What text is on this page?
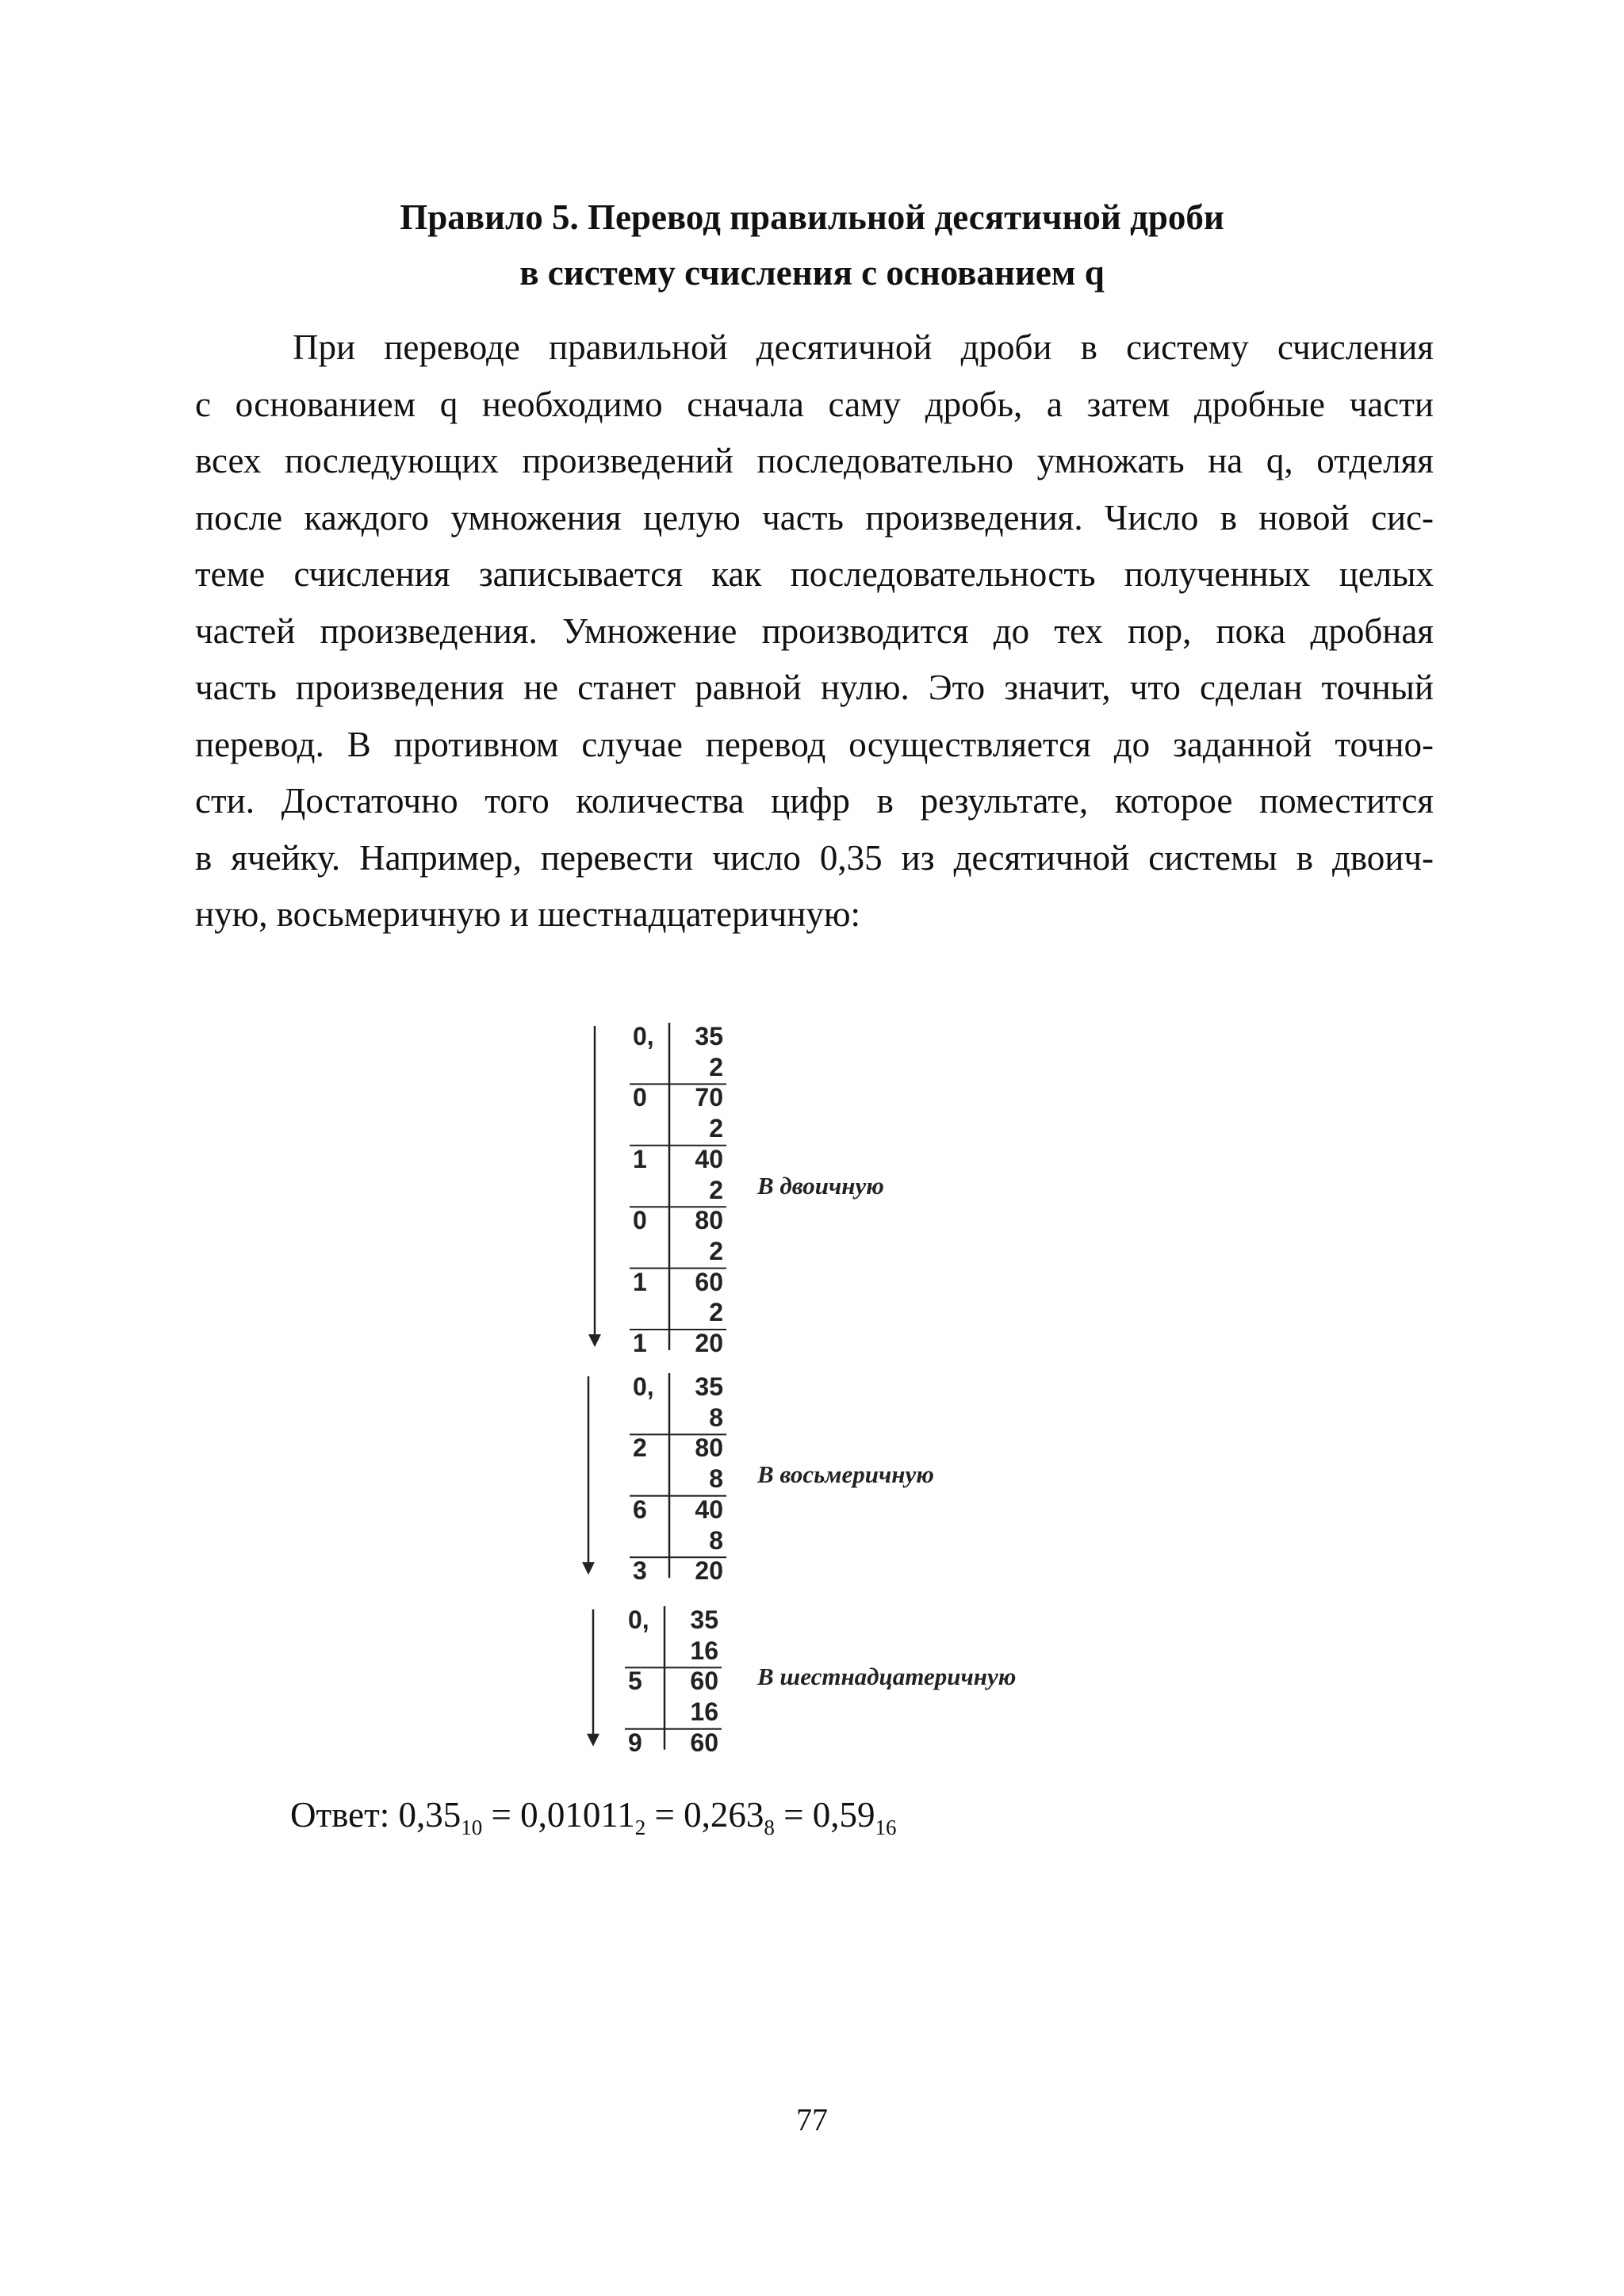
Правило 5. Перевод правильной десятичной дроби
в систему счисления с основанием q
При переводе правильной десятичной дроби в систему счисления
с основанием q необходимо сначала саму дробь, а затем дробные части
всех последующих произведений последовательно умножать на q, отделяя
после каждого умножения целую часть произведения. Число в новой сис-
теме счисления записывается как последовательность полученных целых
частей произведения. Умножение производится до тех пор, пока дробная
часть произведения не станет равной нулю. Это значит, что сделан точный
перевод. В противном случае перевод осуществляется до заданной точно-
сти. Достаточно того количества цифр в результате, которое поместится
в ячейку. Например, перевести число 0,35 из десятичной системы в двоич-
ную, восьмеричную и шестнадцатеричную:
0,	35
2
0	70
2
1	40
2
0	80
2
1	60
2
1	20
В двоичную
0,	35
8
2	80
8
6	40
8
3	20
В восьмеричную
0,	35
16
5	60
16
9	60
В шестнадцатеричную
Ответ: $0,35_{10} = 0,01011_2 = 0,263_8 = 0,59_{16}$
77
